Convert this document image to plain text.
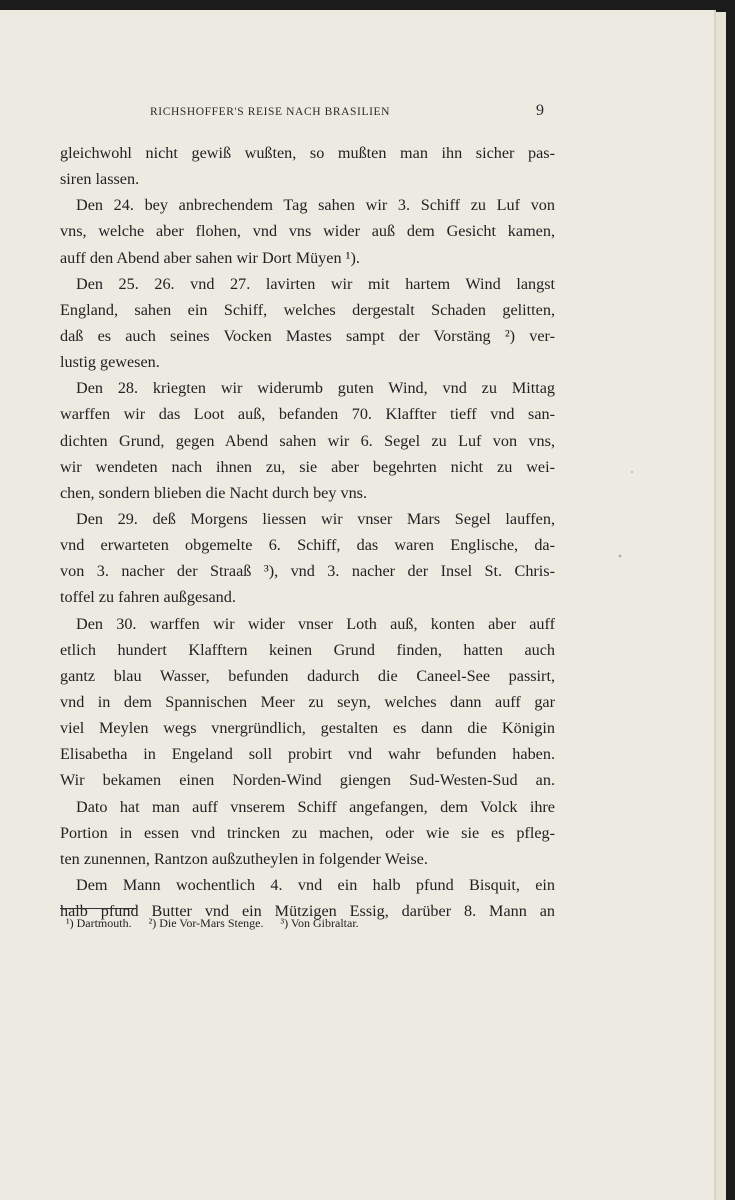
RICHSHOFFER'S REISE NACH BRASILIEN	9
gleichwohl nicht gewiß wußten, so mußten man ihn sicher pas-
siren lassen.
Den 24. bey anbrechendem Tag sahen wir 3. Schiff zu Luf von
vns, welche aber flohen, vnd vns wider auß dem Gesicht kamen,
auff den Abend aber sahen wir Dort Müyen ¹).
Den 25. 26. vnd 27. lavirten wir mit hartem Wind langst
England, sahen ein Schiff, welches dergestalt Schaden gelitten,
daß es auch seines Vocken Mastes sampt der Vorstäng ²) ver-
lustig gewesen.
Den 28. kriegten wir widerumb guten Wind, vnd zu Mittag
warffen wir das Loot auß, befanden 70. Klaffter tieff vnd san-
dichten Grund, gegen Abend sahen wir 6. Segel zu Luf von vns,
wir wendeten nach ihnen zu, sie aber begehrten nicht zu wei-
chen, sondern blieben die Nacht durch bey vns.
Den 29. deß Morgens liessen wir vnser Mars Segel lauffen,
vnd erwarteten obgemelte 6. Schiff, das waren Englische, da-
von 3. nacher der Straaß ³), vnd 3. nacher der Insel St. Chris-
toffel zu fahren außgesand.
Den 30. warffen wir wider vnser Loth auß, konten aber auff
etlich hundert Klafftern keinen Grund finden, hatten auch
gantz blau Wasser, befunden dadurch die Caneel-See passirt,
vnd in dem Spannischen Meer zu seyn, welches dann auff gar
viel Meylen wegs vnergründlich, gestalten es dann die Königin
Elisabetha in Engeland soll probirt vnd wahr befunden haben.
Wir bekamen einen Norden-Wind giengen Sud-Westen-Sud an.
Dato hat man auff vnserem Schiff angefangen, dem Volck ihre
Portion in essen vnd trincken zu machen, oder wie sie es pfleg-
ten zunennen, Rantzon außzutheylen in folgender Weise.
Dem Mann wochentlich 4. vnd ein halb pfund Bisquit, ein
halb pfund Butter vnd ein Mützigen Essig, darüber 8. Mann an
¹) Dartmouth. ²) Die Vor-Mars Stenge. ³) Von Gibraltar.
